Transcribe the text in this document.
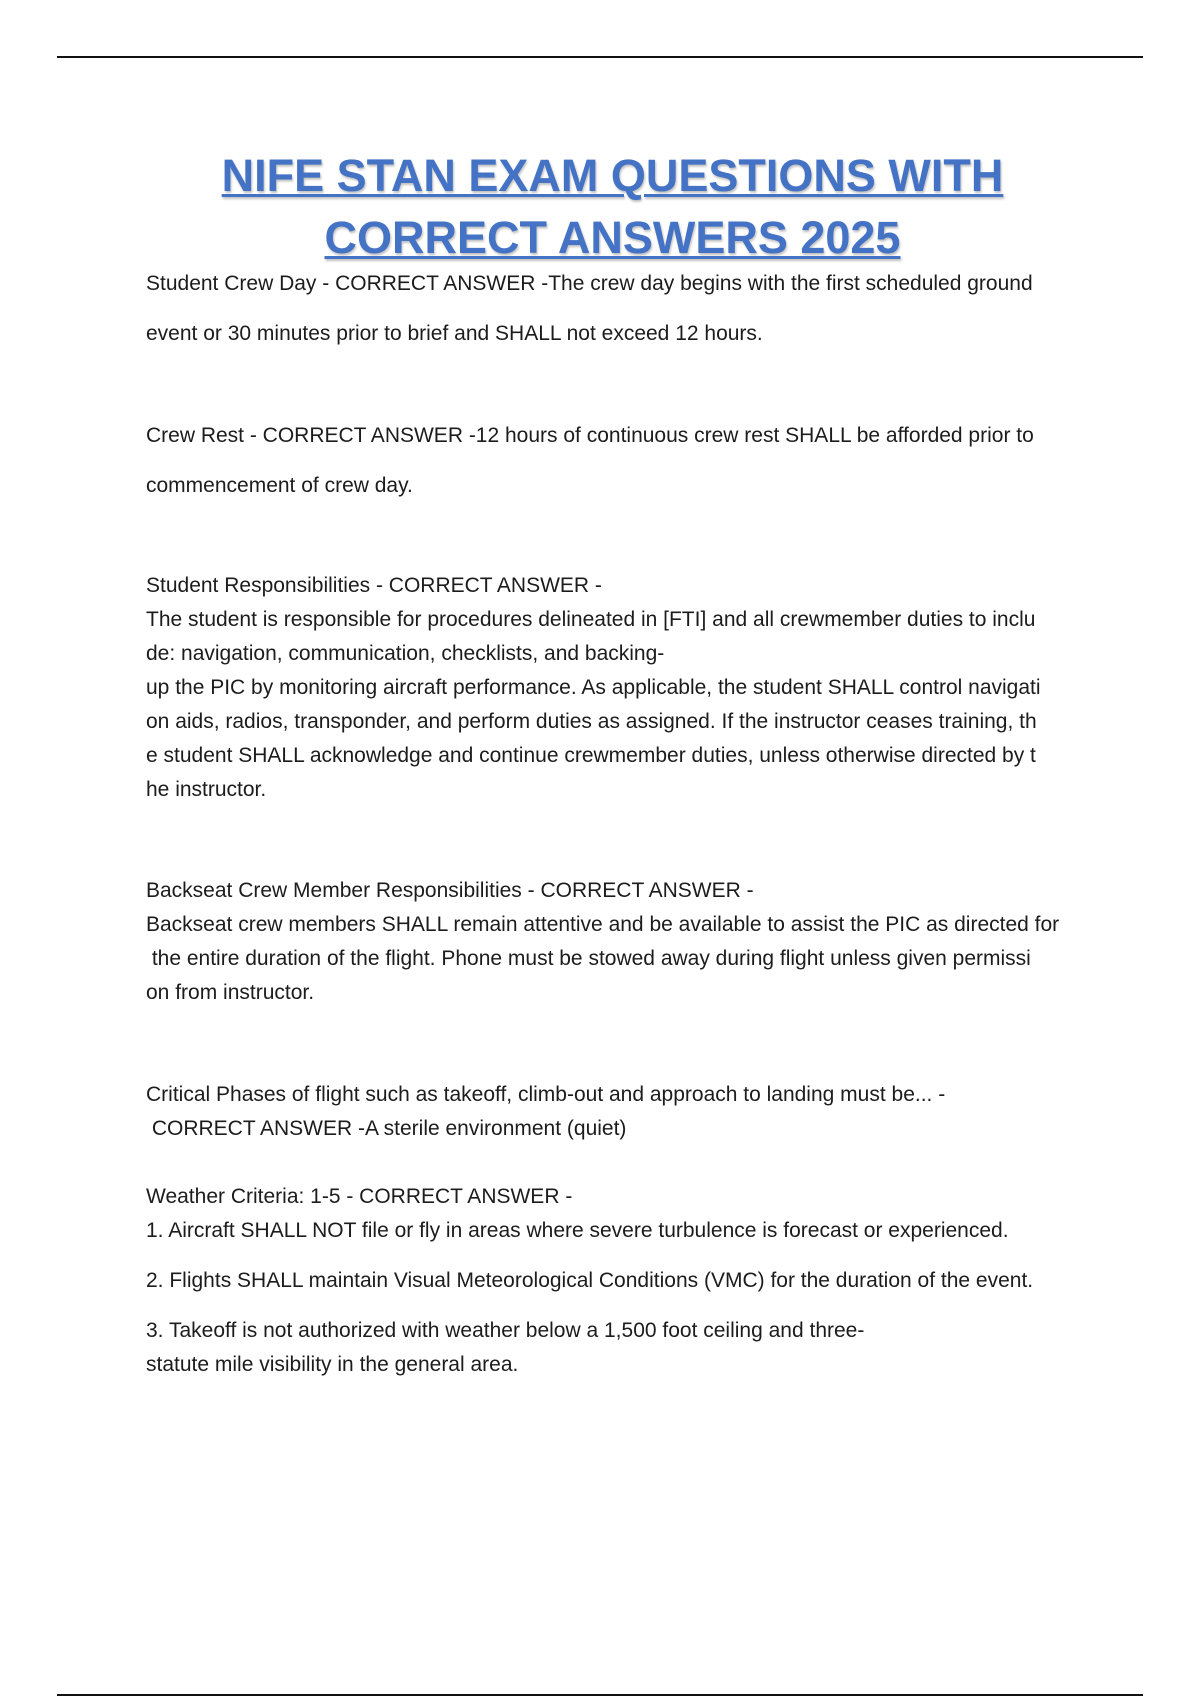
NIFE STAN EXAM QUESTIONS WITH
CORRECT ANSWERS 2025
Student Crew Day - CORRECT ANSWER -The crew day begins with the first scheduled ground
event or 30 minutes prior to brief and SHALL not exceed 12 hours.
Crew Rest - CORRECT ANSWER -12 hours of continuous crew rest SHALL be afforded prior to
commencement of crew day.
Student Responsibilities - CORRECT ANSWER -
The student is responsible for procedures delineated in [FTI] and all crewmember duties to inclu
de: navigation, communication, checklists, and backing-
up the PIC by monitoring aircraft performance. As applicable, the student SHALL control navigati
on aids, radios, transponder, and perform duties as assigned. If the instructor ceases training, th
e student SHALL acknowledge and continue crewmember duties, unless otherwise directed by t
he instructor.
Backseat Crew Member Responsibilities - CORRECT ANSWER -
Backseat crew members SHALL remain attentive and be available to assist the PIC as directed for
the entire duration of the flight. Phone must be stowed away during flight unless given permissi
on from instructor.
Critical Phases of flight such as takeoff, climb-out and approach to landing must be... -
CORRECT ANSWER -A sterile environment (quiet)
Weather Criteria: 1-5 - CORRECT ANSWER -
1. Aircraft SHALL NOT file or fly in areas where severe turbulence is forecast or experienced.
2. Flights SHALL maintain Visual Meteorological Conditions (VMC) for the duration of the event.
3. Takeoff is not authorized with weather below a 1,500 foot ceiling and three-
statute mile visibility in the general area.
